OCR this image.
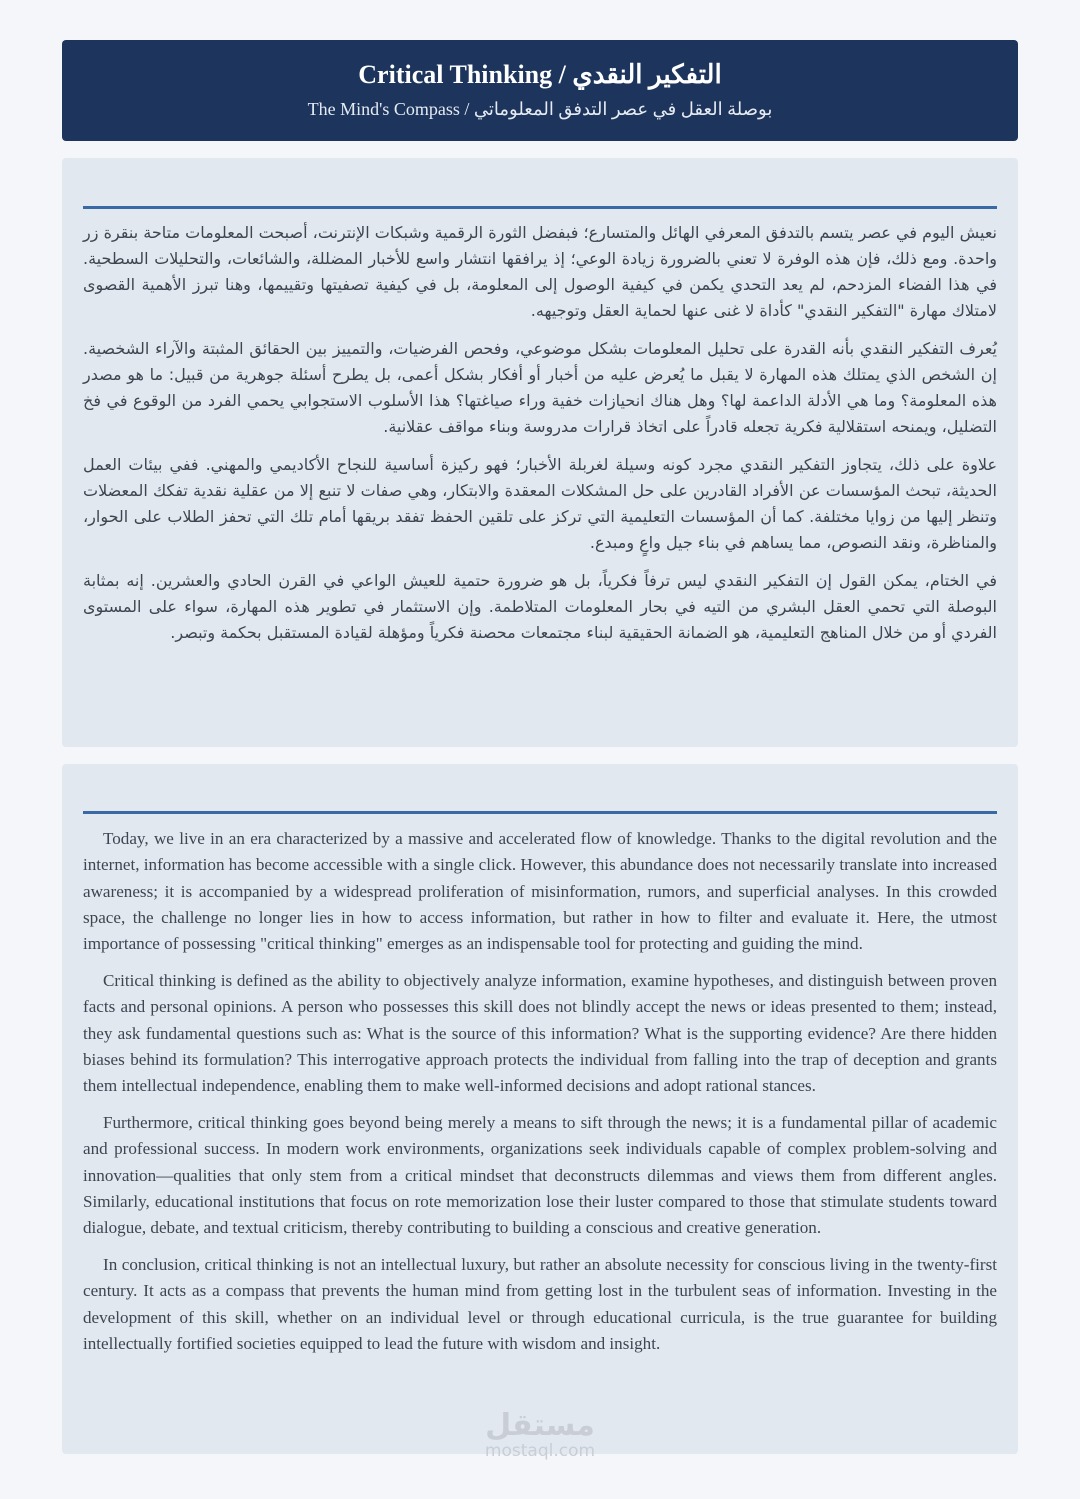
Critical Thinking / التفكير النقدي
The Mind's Compass / بوصلة العقل في عصر التدفق المعلوماتي

نعيش اليوم في عصر يتسم بالتدفق المعرفي الهائل والمتسارع؛ فبفضل الثورة الرقمية وشبكات الإنترنت، أصبحت المعلومات متاحة بنقرة زر واحدة. ومع ذلك، فإن هذه الوفرة لا تعني بالضرورة زيادة الوعي؛ إذ يرافقها انتشار واسع للأخبار المضللة، والشائعات، والتحليلات السطحية. في هذا الفضاء المزدحم، لم يعد التحدي يكمن في كيفية الوصول إلى المعلومة، بل في كيفية تصفيتها وتقييمها، وهنا تبرز الأهمية القصوى لامتلاك مهارة "التفكير النقدي" كأداة لا غنى عنها لحماية العقل وتوجيهه.

يُعرف التفكير النقدي بأنه القدرة على تحليل المعلومات بشكل موضوعي، وفحص الفرضيات، والتمييز بين الحقائق المثبتة والآراء الشخصية. إن الشخص الذي يمتلك هذه المهارة لا يقبل ما يُعرض عليه من أخبار أو أفكار بشكل أعمى، بل يطرح أسئلة جوهرية من قبيل: ما هو مصدر هذه المعلومة؟ وما هي الأدلة الداعمة لها؟ وهل هناك انحيازات خفية وراء صياغتها؟ هذا الأسلوب الاستجوابي يحمي الفرد من الوقوع في فخ التضليل، ويمنحه استقلالية فكرية تجعله قادراً على اتخاذ قرارات مدروسة وبناء مواقف عقلانية.

علاوة على ذلك، يتجاوز التفكير النقدي مجرد كونه وسيلة لغربلة الأخبار؛ فهو ركيزة أساسية للنجاح الأكاديمي والمهني. ففي بيئات العمل الحديثة، تبحث المؤسسات عن الأفراد القادرين على حل المشكلات المعقدة والابتكار، وهي صفات لا تنبع إلا من عقلية نقدية تفكك المعضلات وتنظر إليها من زوايا مختلفة. كما أن المؤسسات التعليمية التي تركز على تلقين الحفظ تفقد بريقها أمام تلك التي تحفز الطلاب على الحوار، والمناظرة، ونقد النصوص، مما يساهم في بناء جيل واعٍ ومبدع.

في الختام، يمكن القول إن التفكير النقدي ليس ترفاً فكرياً، بل هو ضرورة حتمية للعيش الواعي في القرن الحادي والعشرين. إنه بمثابة البوصلة التي تحمي العقل البشري من التيه في بحار المعلومات المتلاطمة. وإن الاستثمار في تطوير هذه المهارة، سواء على المستوى الفردي أو من خلال المناهج التعليمية، هو الضمانة الحقيقية لبناء مجتمعات محصنة فكرياً ومؤهلة لقيادة المستقبل بحكمة وتبصر.

Today, we live in an era characterized by a massive and accelerated flow of knowledge. Thanks to the digital revolution and the internet, information has become accessible with a single click. However, this abundance does not necessarily translate into increased awareness; it is accompanied by a widespread proliferation of misinformation, rumors, and superficial analyses. In this crowded space, the challenge no longer lies in how to access information, but rather in how to filter and evaluate it. Here, the utmost importance of possessing "critical thinking" emerges as an indispensable tool for protecting and guiding the mind.

Critical thinking is defined as the ability to objectively analyze information, examine hypotheses, and distinguish between proven facts and personal opinions. A person who possesses this skill does not blindly accept the news or ideas presented to them; instead, they ask fundamental questions such as: What is the source of this information? What is the supporting evidence? Are there hidden biases behind its formulation? This interrogative approach protects the individual from falling into the trap of deception and grants them intellectual independence, enabling them to make well-informed decisions and adopt rational stances.

Furthermore, critical thinking goes beyond being merely a means to sift through the news; it is a fundamental pillar of academic and professional success. In modern work environments, organizations seek individuals capable of complex problem-solving and innovation—qualities that only stem from a critical mindset that deconstructs dilemmas and views them from different angles. Similarly, educational institutions that focus on rote memorization lose their luster compared to those that stimulate students toward dialogue, debate, and textual criticism, thereby contributing to building a conscious and creative generation.

In conclusion, critical thinking is not an intellectual luxury, but rather an absolute necessity for conscious living in the twenty-first century. It acts as a compass that prevents the human mind from getting lost in the turbulent seas of information. Investing in the development of this skill, whether on an individual level or through educational curricula, is the true guarantee for building intellectually fortified societies equipped to lead the future with wisdom and insight.

مستقل
mostaql.com
